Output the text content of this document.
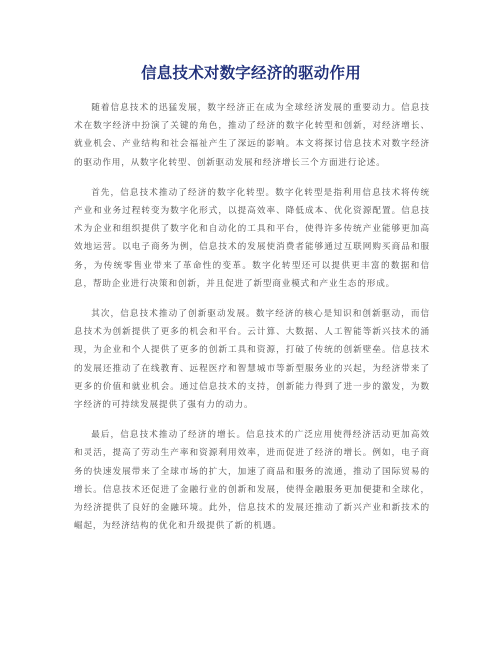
信息技术对数字经济的驱动作用

随着信息技术的迅猛发展，数字经济正在成为全球经济发展的重要动力。信息技术在数字经济中扮演了关键的角色，推动了经济的数字化转型和创新，对经济增长、就业机会、产业结构和社会福祉产生了深远的影响。本文将探讨信息技术对数字经济的驱动作用，从数字化转型、创新驱动发展和经济增长三个方面进行论述。

首先，信息技术推动了经济的数字化转型。数字化转型是指利用信息技术将传统产业和业务过程转变为数字化形式，以提高效率、降低成本、优化资源配置。信息技术为企业和组织提供了数字化和自动化的工具和平台，使得许多传统产业能够更加高效地运营。以电子商务为例，信息技术的发展使消费者能够通过互联网购买商品和服务，为传统零售业带来了革命性的变革。数字化转型还可以提供更丰富的数据和信息，帮助企业进行决策和创新，并且促进了新型商业模式和产业生态的形成。

其次，信息技术推动了创新驱动发展。数字经济的核心是知识和创新驱动，而信息技术为创新提供了更多的机会和平台。云计算、大数据、人工智能等新兴技术的涌现，为企业和个人提供了更多的创新工具和资源，打破了传统的创新壁垒。信息技术的发展还推动了在线教育、远程医疗和智慧城市等新型服务业的兴起，为经济带来了更多的价值和就业机会。通过信息技术的支持，创新能力得到了进一步的激发，为数字经济的可持续发展提供了强有力的动力。

最后，信息技术推动了经济的增长。信息技术的广泛应用使得经济活动更加高效和灵活，提高了劳动生产率和资源利用效率，进而促进了经济的增长。例如，电子商务的快速发展带来了全球市场的扩大，加速了商品和服务的流通，推动了国际贸易的增长。信息技术还促进了金融行业的创新和发展，使得金融服务更加便捷和全球化，为经济提供了良好的金融环境。此外，信息技术的发展还推动了新兴产业和新技术的崛起，为经济结构的优化和升级提供了新的机遇。
